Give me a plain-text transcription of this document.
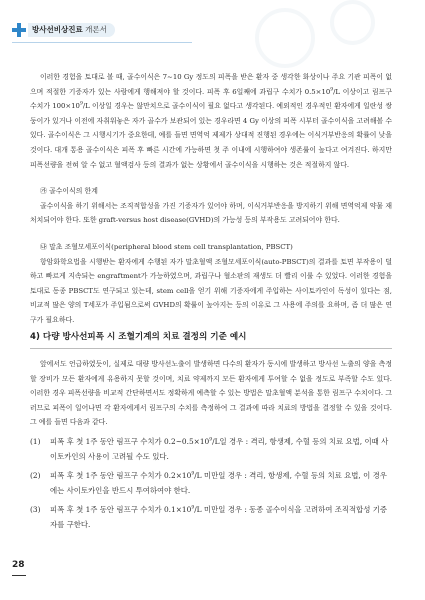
방사선비상진료 개론서

이러한 경험을 토대로 볼 때, 골수이식은 7~10 Gy 정도의 피폭을 받은 환자 중 생각한 화상이나 주요 기관 피폭이 없으며 적절한 기증자가 있는 사람에게 행해져야 할 것이다. 피폭 후 6일째에 과립구 수치가 $0.5\times 10^9/L$ 이상이고 림프구 수치가 $100\times 10^9/L$ 이상일 경우는 않만치으로 골수이식이 필요 없다고 생각된다. 예외적인 경우적인 환자에게 일란성 쌍둥이가 있거나 이전에 자취워놓은 자가 골수가 보관되어 있는 경우라면 4 Gy 이상의 피폭 시부터 골수이식을 고려해볼 수 있다. 골수이식은 그 시행시기가 중요한데, 예를 들면 면역억 제제가 상대적 진행된 경우에는 이식거부반응의 확률이 낮을 것이다. 대개 통용 골수이식은 피폭 후 빠른 시간에 가능하면 첫 주 이내에 시행하여야 생존률이 높다고 여겨진다. 하지만 피폭선량을 전혀 알 수 없고 혈액검사 등의 결과가 없는 상황에서 골수이식을 시행하는 것은 적절하지 않다.

㉮ 골수이식의 한계

골수이식을 하기 위해서는 조직적합성을 가진 기증자가 있어야 하며, 이식거부반응을 방지하기 위해 면역억제 약물 재처치되어야 한다. 또한 graft-versus host disease(GVHD)의 가능성 등의 부작용도 고려되어야 한다.

㉯ 말초 조혈모세포이식(peripheral blood stem cell transplantation, PBSCT)

항암화학요법을 시행받는 환자에게 수행된 자가 말초혈액 조혈모세포이식(auto-PBSCT)의 결과를 토면 부작용이 덜하고 빠르게 지속되는 engraftment가 가능하였으며, 과립구나 혈소판의 재생도 더 빨리 이룰 수 있었다. 이러한 경험을 토대로 동종 PBSCT도 연구되고 있는데, stem cell을 얻기 위해 기증자에게 주입하는 사이토카인이 독성이 있다는 점, 비교적 많은 양의 T세포가 주입됨으로써 GVHD의 확률이 높아지는 등의 이유로 그 사용에 주의를 요하며, 좀 더 많은 연구가 필요하다.

4) 다량 방사선피폭 시 조혈기계의 치료 결정의 기준 예시

앞에서도 언급하였듯이, 실제로 대량 방사선노출이 발생하면 다수의 환자가 동시에 발생하고 방사선 노출의 양을 측정할 장비가 모든 환자에게 유용하지 못할 것이며, 치료 약제까지 모든 환자에게 투여할 수 없을 정도로 부족할 수도 있다. 이러한 경우 피폭선량을 비교적 간단하면서도 정확하게 예측할 수 있는 방법은 말초혈액 분석을 통한 림프구 수치이다. 그러므로 피폭이 일어나면 각 환자에게서 림프구의 수치를 측정하여 그 결과에 따라 치료의 방법을 결정할 수 있을 것이다. 그 예를 들면 다음과 같다.

(1)	피폭 후 첫 1주 동안 림프구 수치가 $0.2\sim 0.5\times 10^9/L$일 경우 : 격리, 항생제, 수혈 등의 치료 요법, 이때 사이토카인의 사용이 고려될 수도 있다.
(2)	피폭 후 첫 1주 동안 림프구 수치가 $0.2\times 10^9/L$ 미만일 경우 : 격리, 항생제, 수혈 등의 치료 요법, 이 경우에는 사이토카인을 반드시 투여하여야 한다.
(3)	피폭 후 첫 1주 동안 림프구 수치가 $0.1\times 10^9/L$ 미만일 경우 : 동종 골수이식을 고려하여 조직적합성 기증자를 구한다.
28
